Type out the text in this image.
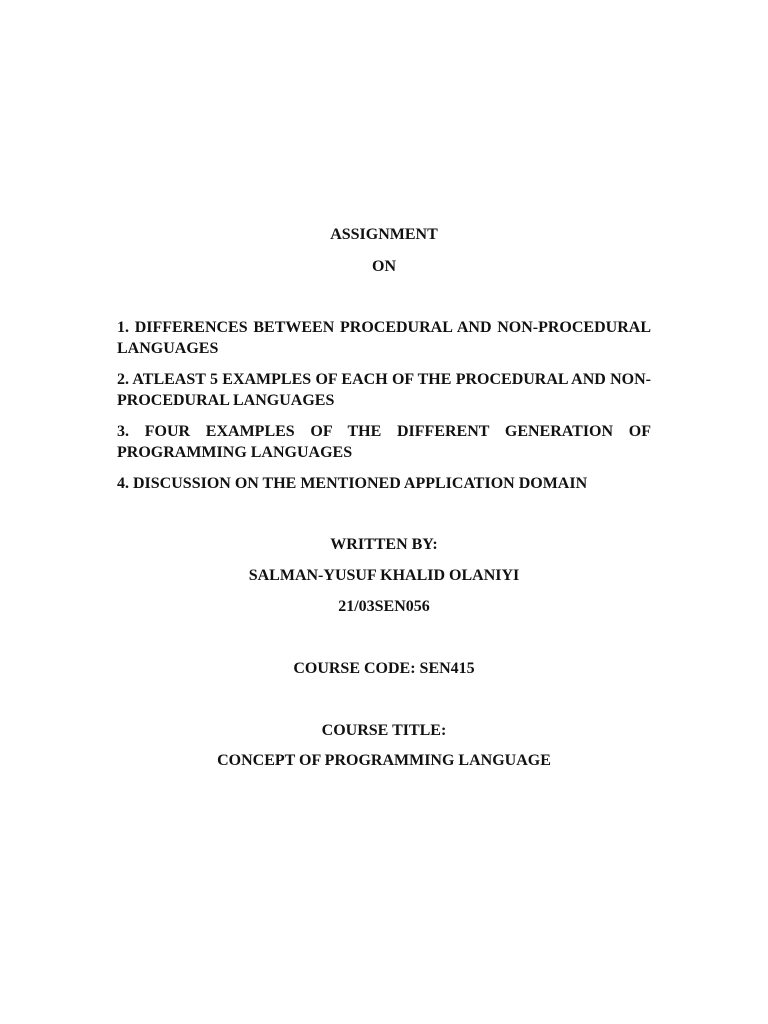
ASSIGNMENT
ON
1. DIFFERENCES BETWEEN PROCEDURAL AND NON-PROCEDURAL LANGUAGES
2. ATLEAST 5 EXAMPLES OF EACH OF THE PROCEDURAL AND NON-PROCEDURAL LANGUAGES
3. FOUR EXAMPLES OF THE DIFFERENT GENERATION OF PROGRAMMING LANGUAGES
4. DISCUSSION ON THE MENTIONED APPLICATION DOMAIN
WRITTEN BY:
SALMAN-YUSUF KHALID OLANIYI
21/03SEN056
COURSE CODE: SEN415
COURSE TITLE:
CONCEPT OF PROGRAMMING LANGUAGE
